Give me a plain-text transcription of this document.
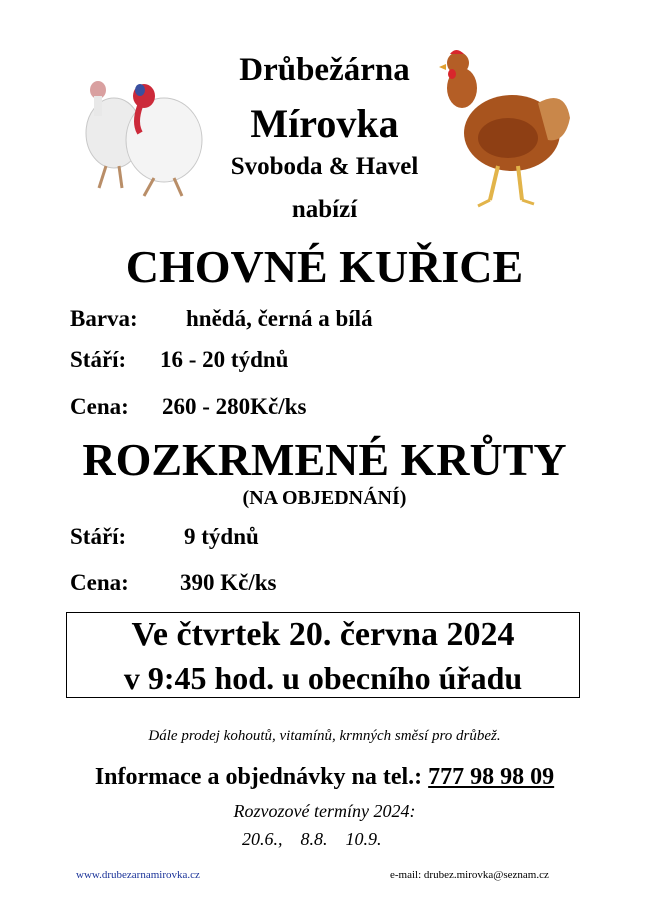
Drůbežárna
Mírovka
Svoboda & Havel
nabízí
CHOVNÉ KUŘICE
Barva: hnědá, černá a bílá
Stáří: 16 - 20 týdnů
Cena: 260 - 280Kč/ks
ROZKRMENÉ KRŮTY
(NA OBJEDNÁNÍ)
Stáří:	9 týdnů
Cena: 390 Kč/ks
Ve čtvrtek 20. června 2024
v 9:45 hod. u obecního úřadu
Dále prodej kohoutů, vitamínů, krmných směsí pro drůbež.
Informace a objednávky na tel.: 777 98 98 09
Rozvozové termíny 2024:
20.6.,    8.8.    10.9.
www.drubezarnamirovka.cz	e-mail: drubez.mirovka@seznam.cz
